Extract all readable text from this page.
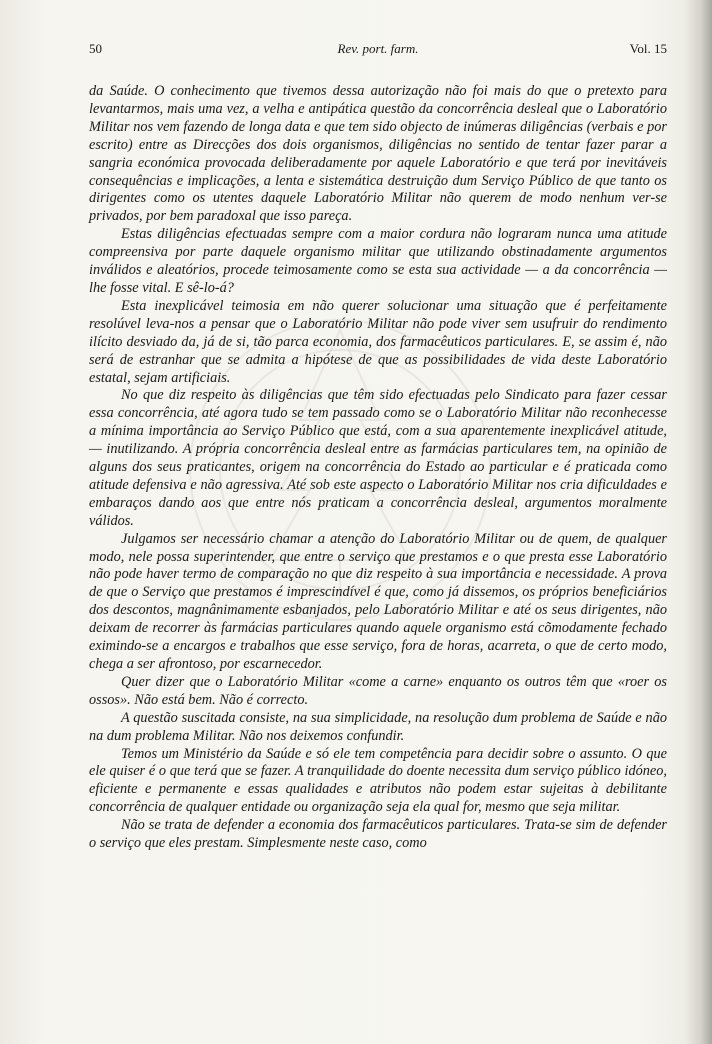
50	Rev. port. farm.	Vol. 15

da Saúde. O conhecimento que tivemos dessa autorização não foi mais do que o pretexto para levantarmos, mais uma vez, a velha e antipática questão da concorrência desleal que o Laboratório Militar nos vem fazendo de longa data e que tem sido objecto de inúmeras diligências (verbais e por escrito) entre as Direcções dos dois organismos, diligências no sentido de tentar fazer parar a sangria económica provocada deliberadamente por aquele Laboratório e que terá por inevitáveis consequências e implicações, a lenta e sistemática destruição dum Serviço Público de que tanto os dirigentes como os utentes daquele Laboratório Militar não querem de modo nenhum ver-se privados, por bem paradoxal que isso pareça.

Estas diligências efectuadas sempre com a maior cordura não lograram nunca uma atitude compreensiva por parte daquele organismo militar que utilizando obstinadamente argumentos inválidos e aleatórios, procede teimosamente como se esta sua actividade — a da concorrência — lhe fosse vital. E sê-lo-á?

Esta inexplicável teimosia em não querer solucionar uma situação que é perfeitamente resolúvel leva-nos a pensar que o Laboratório Militar não pode viver sem usufruir do rendimento ilícito desviado da, já de si, tão parca economia, dos farmacêuticos particulares. E, se assim é, não será de estranhar que se admita a hipótese de que as possibilidades de vida deste Laboratório estatal, sejam artificiais.

No que diz respeito às diligências que têm sido efectuadas pelo Sindicato para fazer cessar essa concorrência, até agora tudo se tem passado como se o Laboratório Militar não reconhecesse a mínima importância ao Serviço Público que está, com a sua aparentemente inexplicável atitude, — inutilizando. A própria concorrência desleal entre as farmácias particulares tem, na opinião de alguns dos seus praticantes, origem na concorrência do Estado ao particular e é praticada como atitude defensiva e não agressiva. Até sob este aspecto o Laboratório Militar nos cria dificuldades e embaraços dando aos que entre nós praticam a concorrência desleal, argumentos moralmente válidos.

Julgamos ser necessário chamar a atenção do Laboratório Militar ou de quem, de qualquer modo, nele possa superintender, que entre o serviço que prestamos e o que presta esse Laboratório não pode haver termo de comparação no que diz respeito à sua importância e necessidade. A prova de que o Serviço que prestamos é imprescindível é que, como já dissemos, os próprios beneficiários dos descontos, magnânimamente esbanjados, pelo Laboratório Militar e até os seus dirigentes, não deixam de recorrer às farmácias particulares quando aquele organismo está cõmodamente fechado eximindo-se a encargos e trabalhos que esse serviço, fora de horas, acarreta, o que de certo modo, chega a ser afrontoso, por escarnecedor.

Quer dizer que o Laboratório Militar «come a carne» enquanto os outros têm que «roer os ossos». Não está bem. Não é correcto.

A questão suscitada consiste, na sua simplicidade, na resolução dum problema de Saúde e não na dum problema Militar. Não nos deixemos confundir.

Temos um Ministério da Saúde e só ele tem competência para decidir sobre o assunto. O que ele quiser é o que terá que se fazer. A tranquilidade do doente necessita dum serviço público idóneo, eficiente e permanente e essas qualidades e atributos não podem estar sujeitas à debilitante concorrência de qualquer entidade ou organização seja ela qual for, mesmo que seja militar.

Não se trata de defender a economia dos farmacêuticos particulares. Trata-se sim de defender o serviço que eles prestam. Simplesmente neste caso, como
